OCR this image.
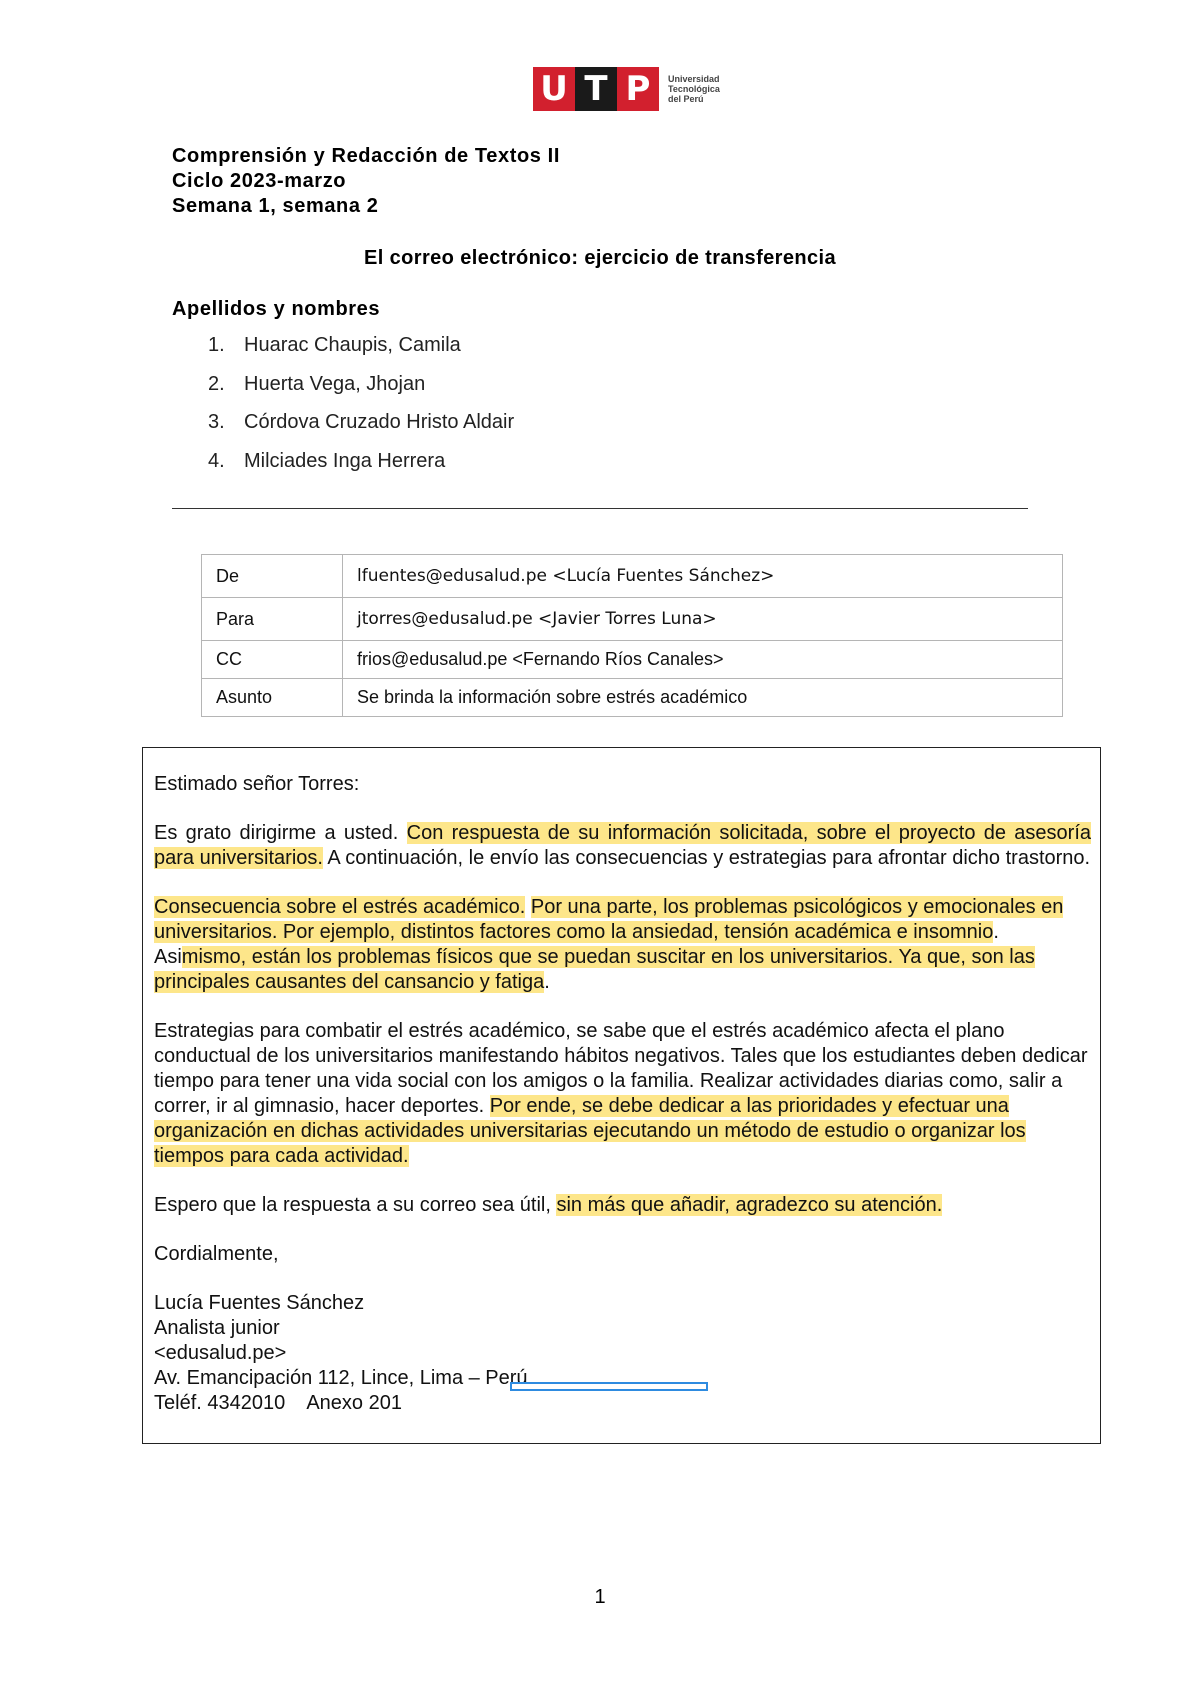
U T P	Universidad
Tecnológica
del Perú
Comprensión y Redacción de Textos II
Ciclo 2023-marzo
Semana 1, semana 2
El correo electrónico: ejercicio de transferencia
Apellidos y nombres
1. Huarac Chaupis, Camila
2. Huerta Vega, Jhojan
3. Córdova Cruzado Hristo Aldair
4. Milciades Inga Herrera
De	lfuentes@edusalud.pe <Lucía Fuentes Sánchez>
Para	jtorres@edusalud.pe <Javier Torres Luna>
CC	frios@edusalud.pe <Fernando Ríos Canales>
Asunto	Se brinda la información sobre estrés académico

Estimado señor Torres:

Es grato dirigirme a usted. Con respuesta de su información solicitada, sobre el proyecto de asesoría para universitarios. A continuación, le envío las consecuencias y estrategias para afrontar dicho trastorno.

Consecuencia sobre el estrés académico. Por una parte, los problemas psicológicos y emocionales en universitarios. Por ejemplo, distintos factores como la ansiedad, tensión académica e insomnio. Asimismo, están los problemas físicos que se puedan suscitar en los universitarios. Ya que, son las principales causantes del cansancio y fatiga.

Estrategias para combatir el estrés académico, se sabe que el estrés académico afecta el plano conductual de los universitarios manifestando hábitos negativos. Tales que los estudiantes deben dedicar tiempo para tener una vida social con los amigos o la familia. Realizar actividades diarias como, salir a correr, ir al gimnasio, hacer deportes. Por ende, se debe dedicar a las prioridades y efectuar una organización en dichas actividades universitarias ejecutando un método de estudio o organizar los tiempos para cada actividad.

Espero que la respuesta a su correo sea útil, sin más que añadir, agradezco su atención.

Cordialmente,

Lucía Fuentes Sánchez

Analista junior

<edusalud.pe>

Av. Emancipación 112, Lince, Lima – Perú

Teléf. 4342010    Anexo 201

1
